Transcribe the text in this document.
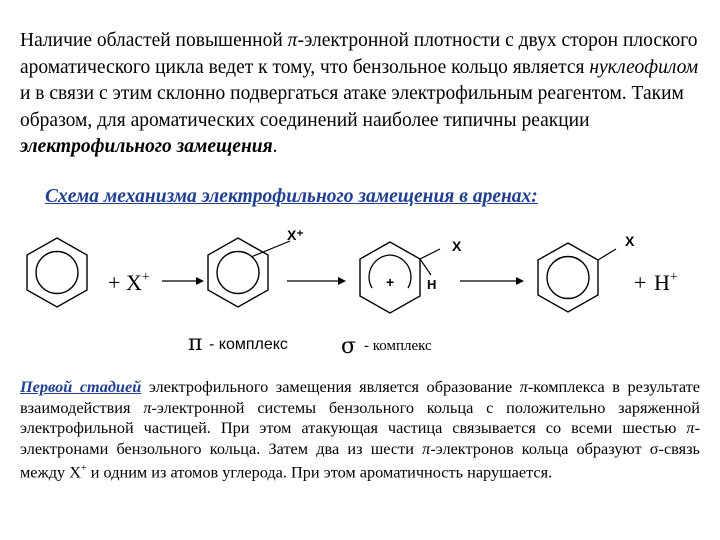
Наличие областей повышенной π-электронной плотности с двух сторон плоского ароматического цикла ведет к тому, что бензольное кольцо является нуклеофилом и в связи с этим склонно подвергаться атаке электрофильным реагентом. Таким образом, для ароматических соединений наиболее типичны реакции электрофильного замещения.
Схема механизма электрофильного замещения в аренах:
+ X+
X⁺
+
X
H
X
+ H+
π - комплекс σ - комплекс
Первой стадией электрофильного замещения является образование π-комплекса в результате взаимодействия π-электронной системы бензольного кольца с положительно заряженной электрофильной частицей. При этом атакующая частица связывается со всеми шестью π-электронами бензольного кольца. Затем два из шести π-электронов кольца образуют σ-связь между X+ и одним из атомов углерода. При этом ароматичность нарушается.
